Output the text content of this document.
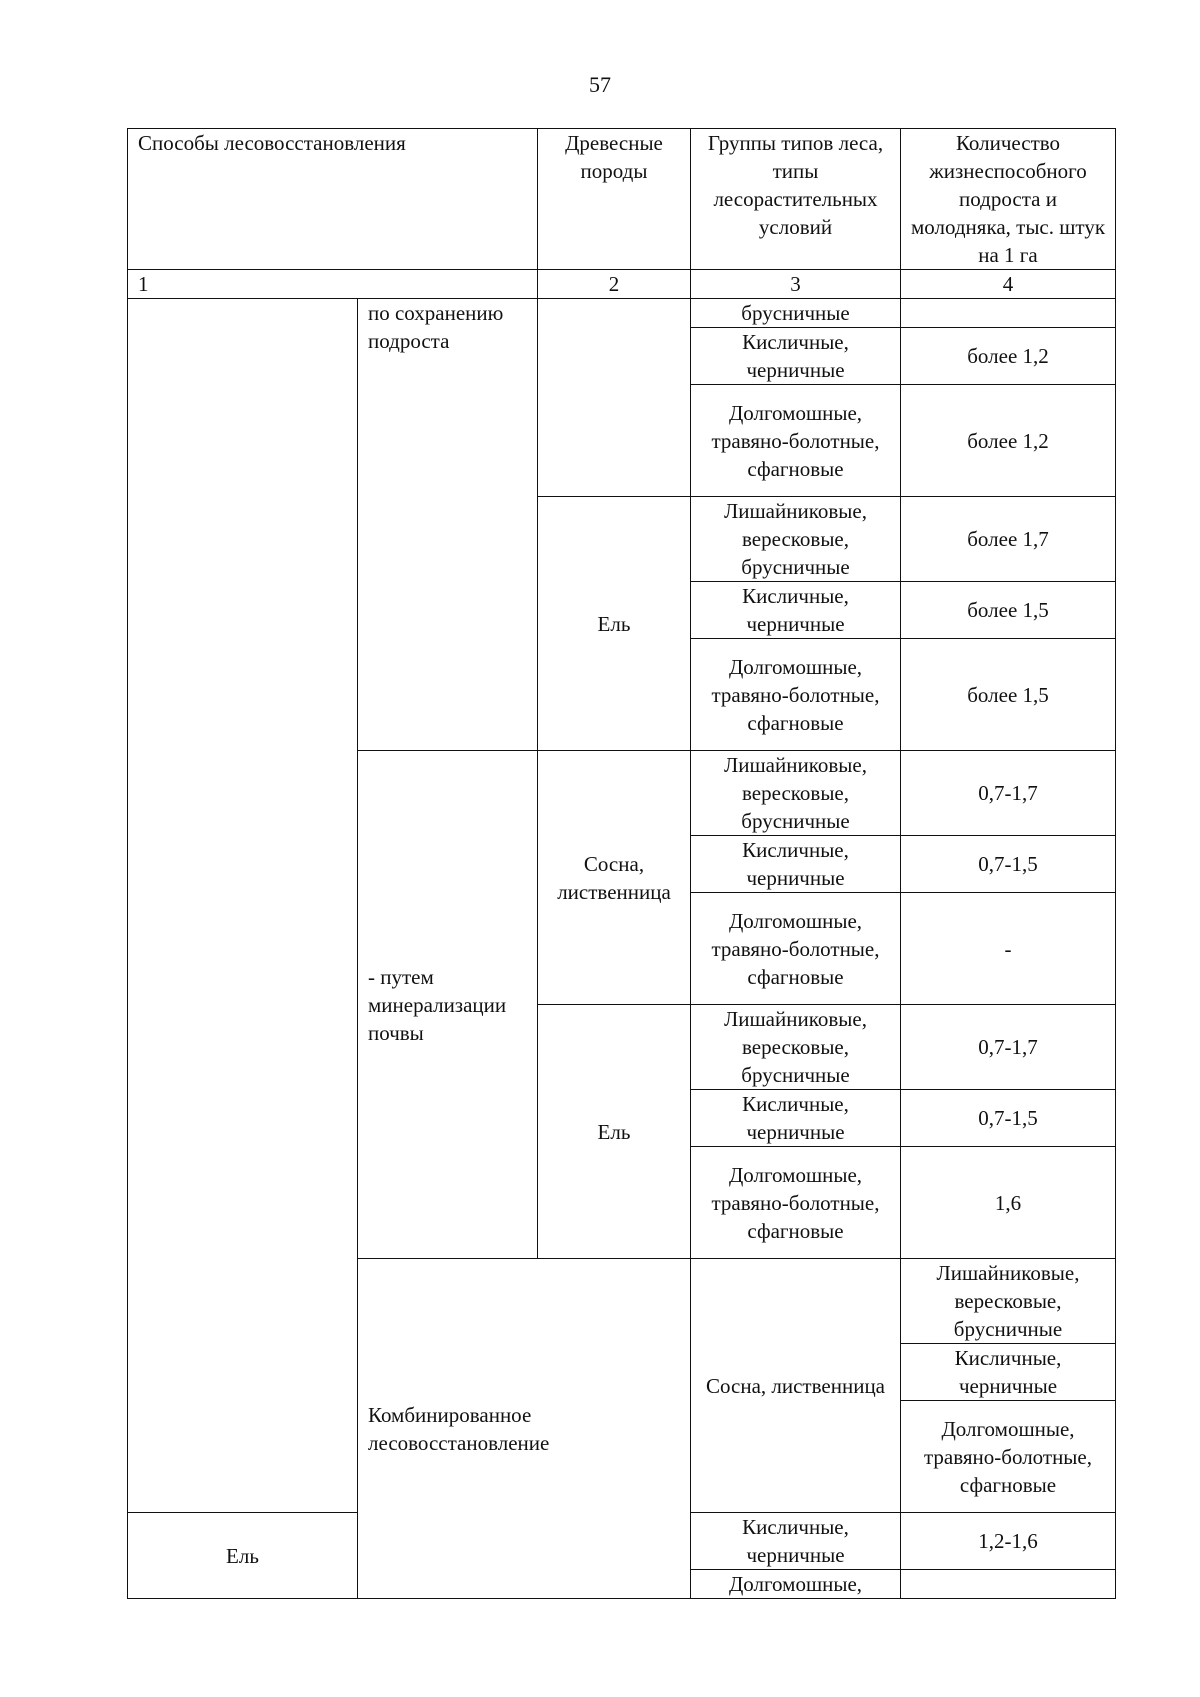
57
Способы лесовосстановления		Древесные породы	Группы типов леса, типы лесорастительных условий	Количество жизнеспособного подроста и молодняка, тыс. штук на 1 га	
1		2	3	4	
	по сохранению подроста		брусничные		
			Кисличные, черничные	более 1,2	
			Долгомошные, травяно-болотные, сфагновые	более 1,2	
		Ель	Лишайниковые, вересковые, брусничные	более 1,7	
			Кисличные, черничные	более 1,5	
			Долгомошные, травяно-болотные, сфагновые	более 1,5	
	- путем минерализации почвы	Сосна, лиственница	Лишайниковые, вересковые, брусничные	0,7-1,7	
			Кисличные, черничные	0,7-1,5	
			Долгомошные, травяно-болотные, сфагновые	-	
		Ель	Лишайниковые, вересковые, брусничные	0,7-1,7	
			Кисличные, черничные	0,7-1,5	
			Долгомошные, травяно-болотные, сфагновые	1,6	
	Комбинированное лесовосстановление		Сосна, лиственница	Лишайниковые, вересковые, брусничные	
				Кисличные, черничные	
				Долгомошные, травяно-болотные, сфагновые	
Ель			Кисличные, черничные	1,2-1,6	
			Долгомошные,		
